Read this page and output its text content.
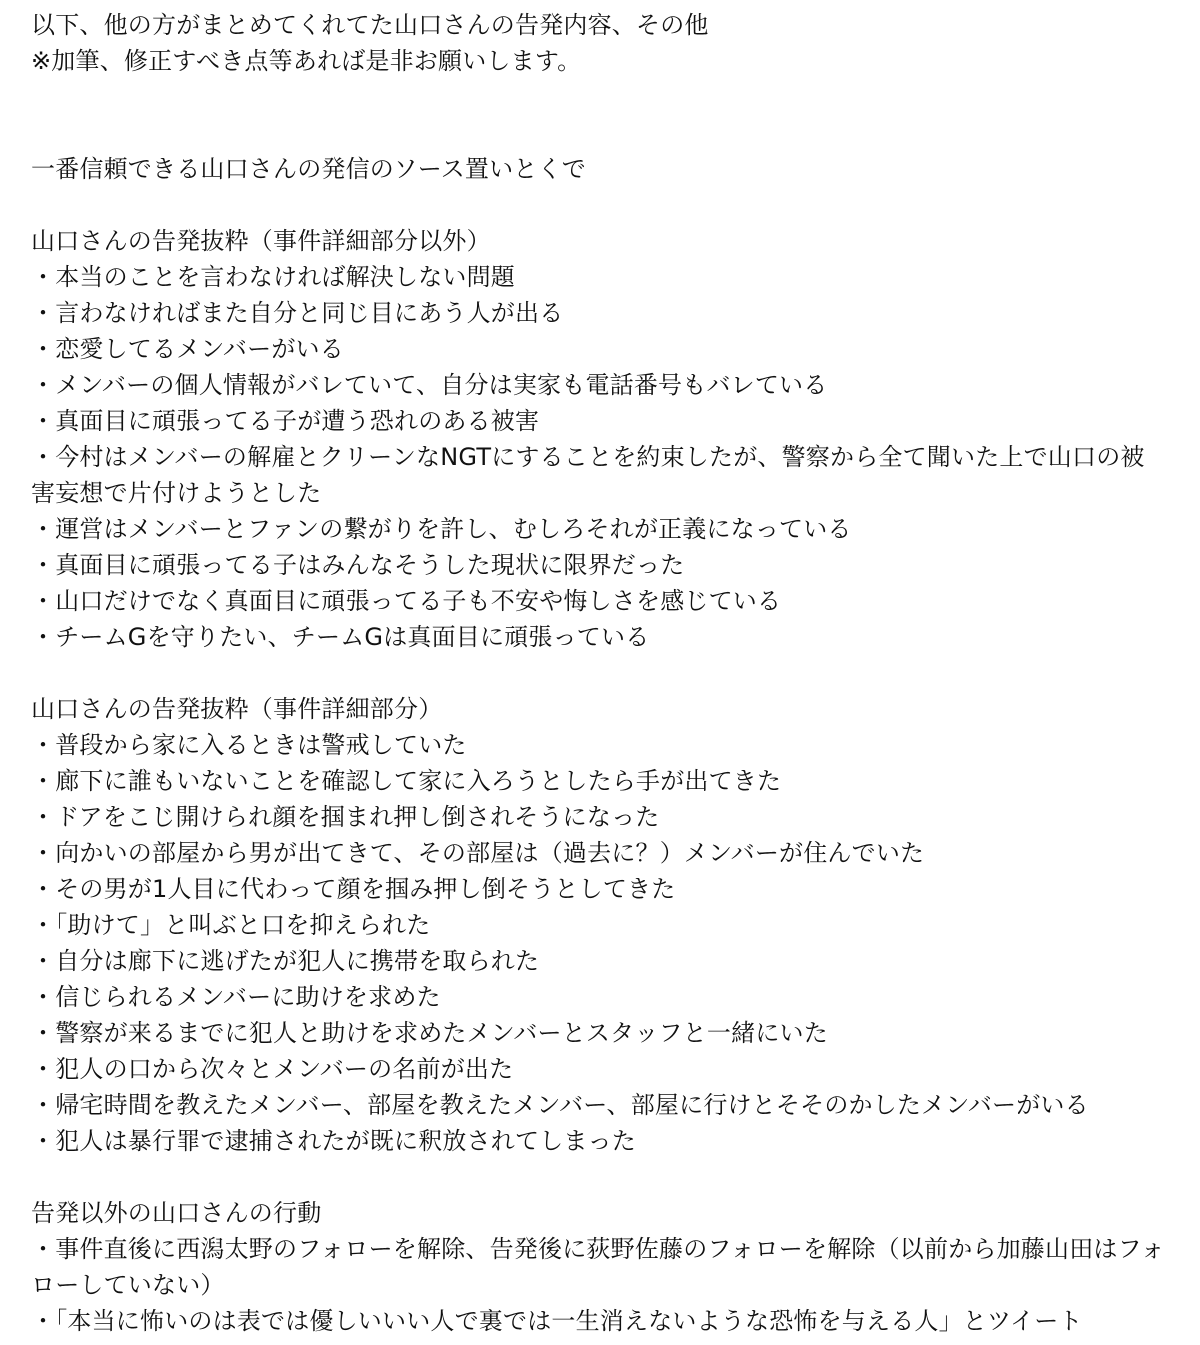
以下、他の方がまとめてくれてた山口さんの告発内容、その他
※加筆、修正すべき点等あれば是非お願いします。
一番信頼できる山口さんの発信のソース置いとくで
山口さんの告発抜粋（事件詳細部分以外）
・本当のことを言わなければ解決しない問題
・言わなければまた自分と同じ目にあう人が出る
・恋愛してるメンバーがいる
・メンバーの個人情報がバレていて、自分は実家も電話番号もバレている
・真面目に頑張ってる子が遭う恐れのある被害
・今村はメンバーの解雇とクリーンなNGTにすることを約束したが、警察から全て聞いた上で山口の被害妄想で片付けようとした
・運営はメンバーとファンの繋がりを許し、むしろそれが正義になっている
・真面目に頑張ってる子はみんなそうした現状に限界だった
・山口だけでなく真面目に頑張ってる子も不安や悔しさを感じている
・チームGを守りたい、チームGは真面目に頑張っている
山口さんの告発抜粋（事件詳細部分）
・普段から家に入るときは警戒していた
・廊下に誰もいないことを確認して家に入ろうとしたら手が出てきた
・ドアをこじ開けられ顔を掴まれ押し倒されそうになった
・向かいの部屋から男が出てきて、その部屋は（過去に？）メンバーが住んでいた
・その男が1人目に代わって顔を掴み押し倒そうとしてきた
・「助けて」と叫ぶと口を抑えられた
・自分は廊下に逃げたが犯人に携帯を取られた
・信じられるメンバーに助けを求めた
・警察が来るまでに犯人と助けを求めたメンバーとスタッフと一緒にいた
・犯人の口から次々とメンバーの名前が出た
・帰宅時間を教えたメンバー、部屋を教えたメンバー、部屋に行けとそそのかしたメンバーがいる
・犯人は暴行罪で逮捕されたが既に釈放されてしまった
告発以外の山口さんの行動
・事件直後に西潟太野のフォローを解除、告発後に荻野佐藤のフォローを解除（以前から加藤山田はフォローしていない）
・「本当に怖いのは表では優しいいい人で裏では一生消えないような恐怖を与える人」とツイート
